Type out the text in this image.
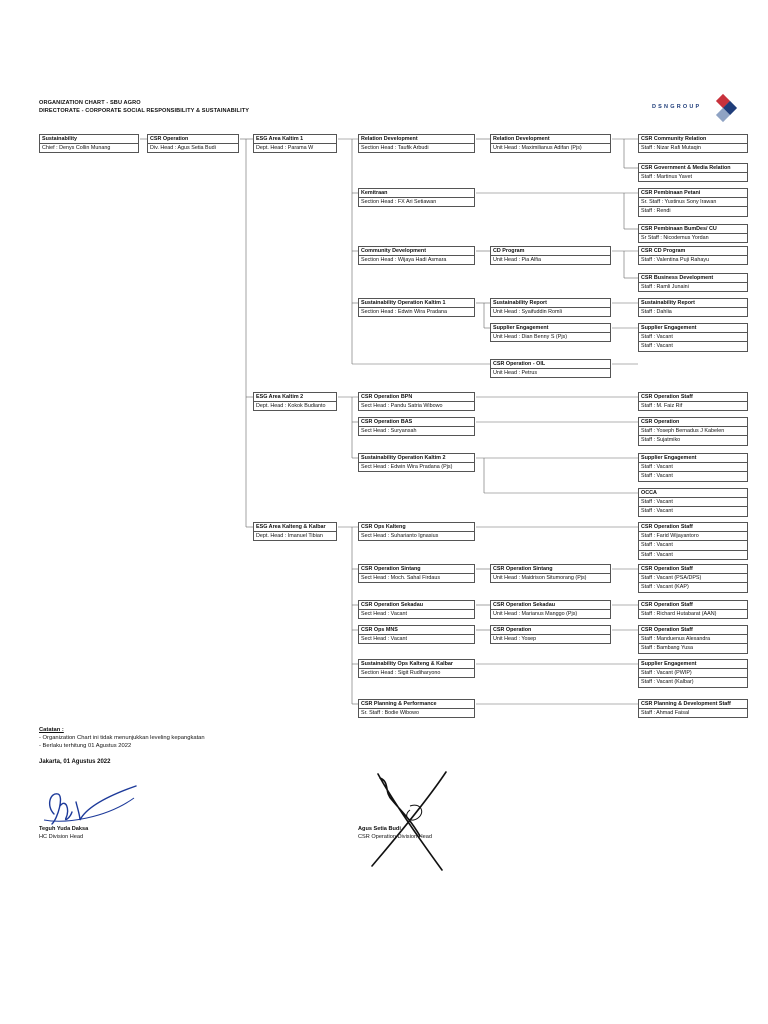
ORGANIZATION CHART - SBU AGRO
DIRECTORATE - CORPORATE SOCIAL RESPONSIBILITY & SUSTAINABILITY
DSNGROUP
Sustainability
Chief : Denys Collin Munang
CSR Operation
Div. Head : Agus Setia Budi
ESG Area Kaltim 1
Dept. Head : Parama W
Relation Development
Section Head : Taufik Arbudi
Relation Development
Unit Head : Maximilianus Adifan (Pjs)
CSR Community Relation
Staff : Nizar Rafi Mutaqin
CSR Government & Media Relation
Staff : Martinus Yavet
Kemitraan
Section Head : FX Ari Setiawan
CSR Pembinaan Petani
Sr. Staff : Yustinus Sony Irawan
Staff : Rendi
CSR Pembinaan BumDes/ CU
Sr Staff : Nicodemus Yordan
Community Development
Section Head : Wijaya Hadi Asmara
CD Program
Unit Head : Pia Alfia
CSR CD Program
Staff : Valentina Puji Rahayu
CSR Business Development
Staff : Ramli Junaini
Sustainability Operation Kaltim 1
Section Head : Edwin Wira Pradana
Sustainability Report
Unit Head : Syaifuddin Romli
Sustainability Report
Staff : Dahlia
Supplier Engagement
Unit Head : Dian Benny S (Pjs)
Supplier Engagement
Staff : Vacant
Staff : Vacant
CSR Operation - OIL
Unit Head : Petrus
ESG Area Kaltim 2
Dept. Head : Kokok Budianto
CSR Operation BPN
Sect Head : Pandu Satria Wibowo
CSR Operation Staff
Staff : M. Faiz Rif
CSR Operation BAS
Sect Head : Suryansah
CSR Operation
Staff : Yoseph Bernadus J Kabelen
Staff : Sujatmiko
Sustainability Operation Kaltim 2
Sect Head : Edwin Wira Pradana (Pjs)
Supplier Engagement
Staff : Vacant
Staff : Vacant
OCCA
Staff : Vacant
Staff : Vacant
ESG Area Kalteng & Kalbar
Dept. Head : Imanuel Tibian
CSR Ops Kalteng
Sect Head : Suharianto Ignasius
CSR Operation Staff
Staff : Farid Wijayantoro
Staff : Vacant
Staff : Vacant
CSR Operation Sintang
Sect Head : Moch. Sahal Firdaus
CSR Operation Sintang
Unit Head : Maidrison Situmorang (Pjs)
CSR Operation Staff
Staff : Vacant (PSA/DPS)
Staff : Vacant (KAP)
CSR Operation Sekadau
Sect Head : Vacant
CSR Operation Sekadau
Unit Head : Marianus Manggo (Pjs)
CSR Operation Staff
Staff : Richard Hutabarat (AAN)
CSR Ops MNS
Sect Head : Vacant
CSR Operation
Unit Head : Yosep
CSR Operation Staff
Staff : Manduenus Alexandra
Staff : Bambang Yusa
Sustainability Ops Kalteng & Kalbar
Section Head : Sigit Rudiharyono
Supplier Engagement
Staff : Vacant (PWIP)
Staff : Vacant (Kalbar)
CSR Planning & Performance
Sr. Staff : Bodie Wibowo
CSR Planning & Development Staff
Staff : Ahmad Faisal
Catatan :
- Organization Chart ini tidak menunjukkan leveling kepangkatan
- Berlaku terhitung 01 Agustus 2022
Jakarta, 01 Agustus 2022
Teguh Yuda Daksa
HC Division Head
Agus Setia Budi
CSR Operation Division Head
